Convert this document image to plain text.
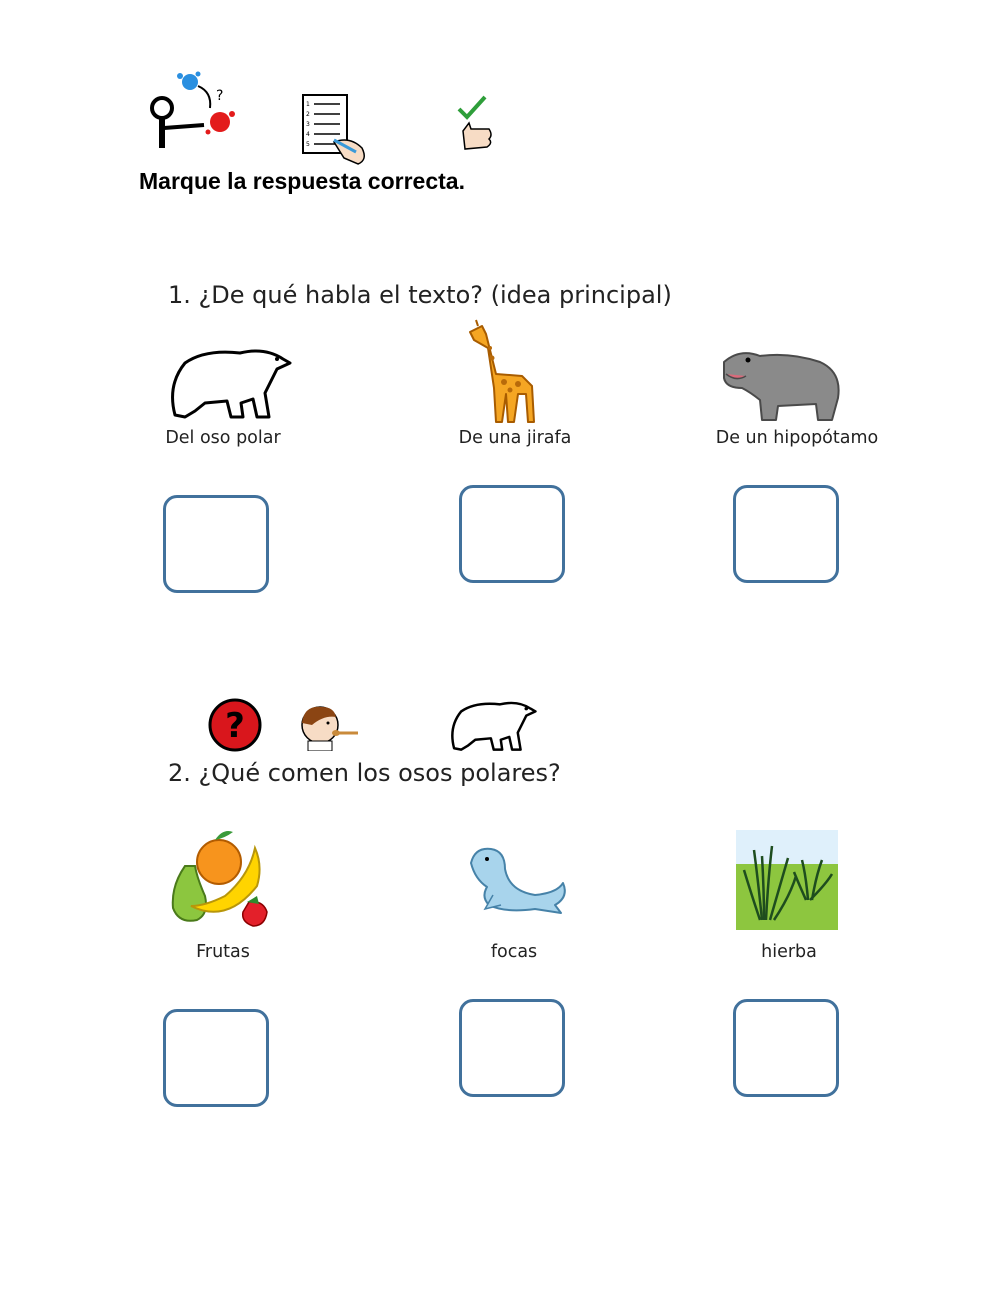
?
1
2
3
4
5
Marque la respuesta correcta.
1. ¿De qué habla el texto? (idea principal)
Del oso polar	De una jirafa	De un hipopótamo
?
2. ¿Qué comen los osos polares?
Frutas	focas	hierba
